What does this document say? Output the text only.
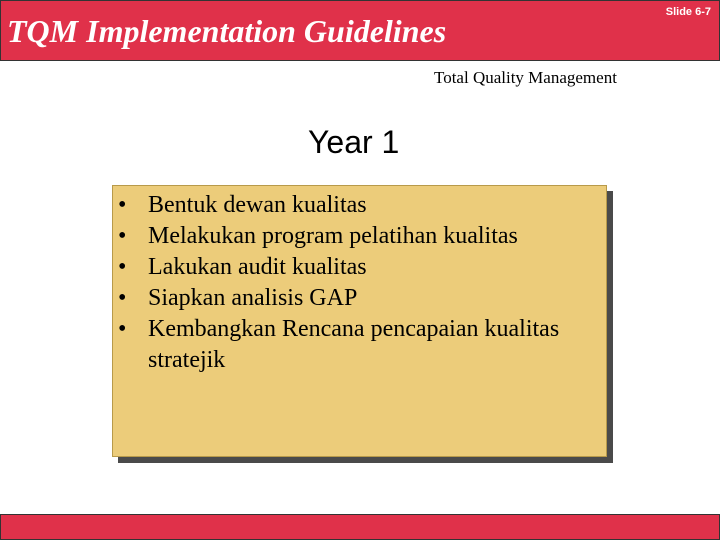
TQM Implementation Guidelines
Slide 6-7
Total Quality Management
Year 1
• Bentuk dewan kualitas
• Melakukan program pelatihan kualitas
• Lakukan audit kualitas
• Siapkan analisis GAP
• Kembangkan Rencana pencapaian kualitas stratejik
